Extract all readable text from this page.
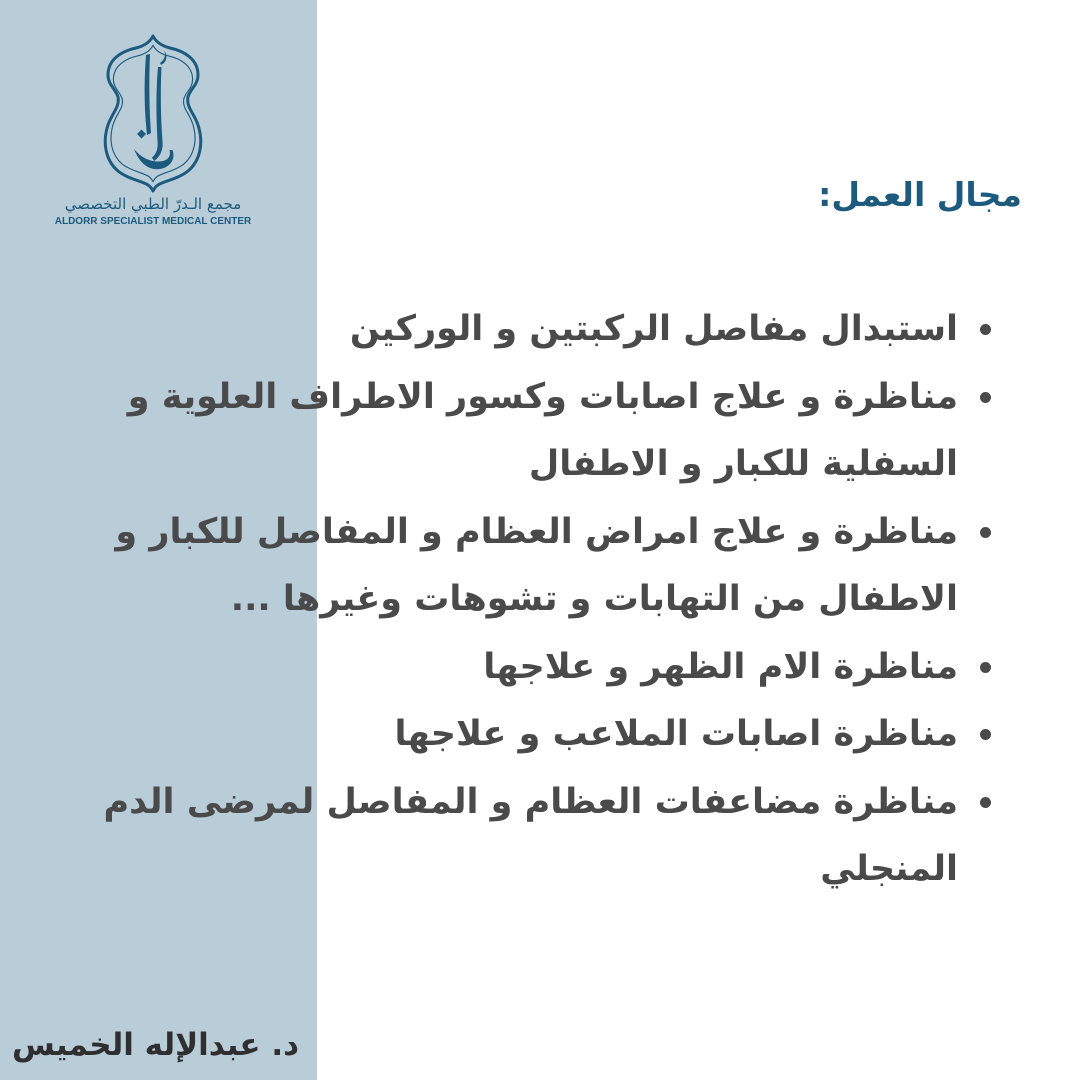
مجمع الـدرّ الطبي التخصصي
ALDORR SPECIALIST MEDICAL CENTER
مجال العمل:
استبدال مفاصل الركبتين و الوركين
مناظرة و علاج اصابات وكسور الاطراف العلوية و
السفلية للكبار و الاطفال
مناظرة و علاج امراض العظام و المفاصل للكبار و
الاطفال من التهابات و تشوهات وغيرها ...
مناظرة الام الظهر و علاجها
مناظرة اصابات الملاعب و علاجها
مناظرة مضاعفات العظام و المفاصل لمرضى الدم
المنجلي
د. عبدالإله الخميس
